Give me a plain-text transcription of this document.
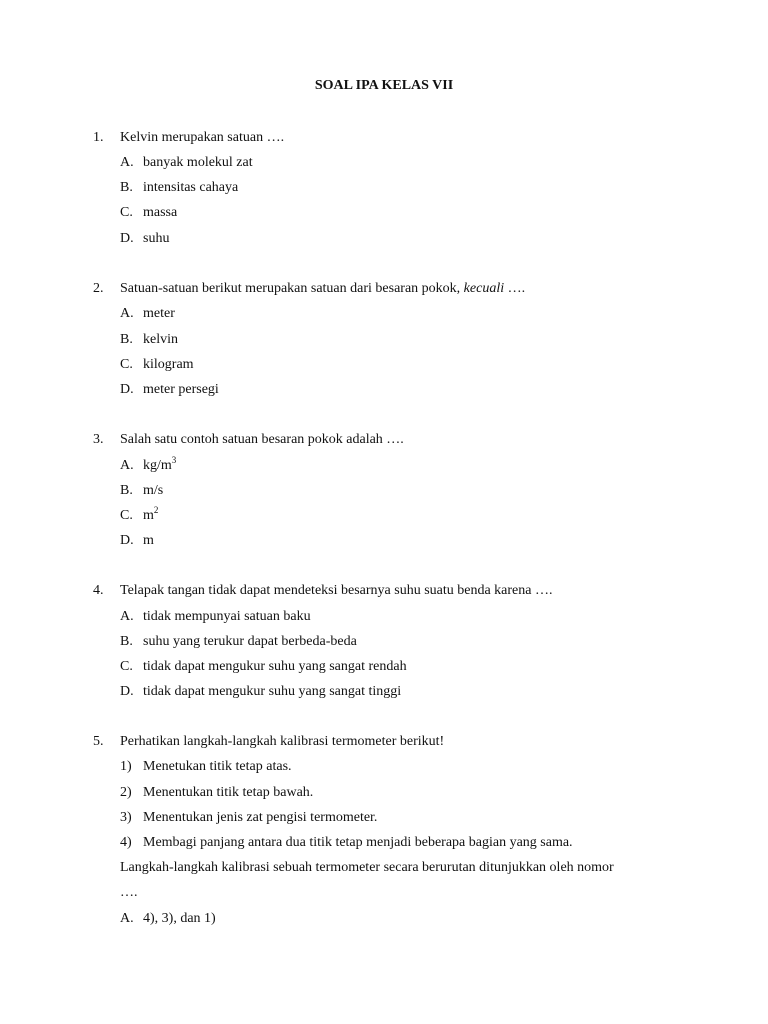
SOAL IPA KELAS VII
1. Kelvin merupakan satuan ….
A. banyak molekul zat
B. intensitas cahaya
C. massa
D. suhu
2. Satuan-satuan berikut merupakan satuan dari besaran pokok, kecuali ….
A. meter
B. kelvin
C. kilogram
D. meter persegi
3. Salah satu contoh satuan besaran pokok adalah ….
A. $kg/m^3$
B. m/s
C. $m^2$
D. m
4. Telapak tangan tidak dapat mendeteksi besarnya suhu suatu benda karena ….
A. tidak mempunyai satuan baku
B. suhu yang terukur dapat berbeda-beda
C. tidak dapat mengukur suhu yang sangat rendah
D. tidak dapat mengukur suhu yang sangat tinggi
5. Perhatikan langkah-langkah kalibrasi termometer berikut!
1) Menetukan titik tetap atas.
2) Menentukan titik tetap bawah.
3) Menentukan jenis zat pengisi termometer.
4) Membagi panjang antara dua titik tetap menjadi beberapa bagian yang sama.
Langkah-langkah kalibrasi sebuah termometer secara berurutan ditunjukkan oleh nomor
….
A. 4), 3), dan 1)
